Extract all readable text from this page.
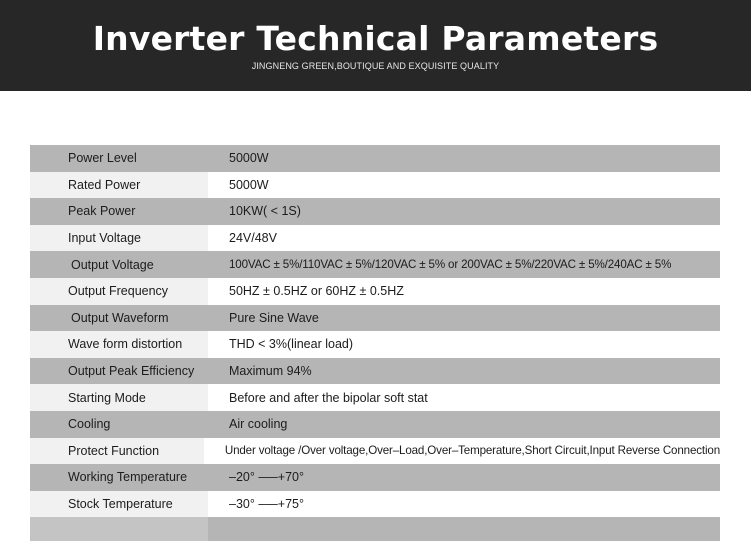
Inverter Technical Parameters
JINGNENG GREEN,BOUTIQUE AND EXQUISITE QUALITY
Power Level	5000W
Rated Power	5000W
Peak Power	10KW( < 1S)
Input Voltage	24V/48V
Output Voltage	100VAC ± 5%/110VAC ± 5%/120VAC ± 5% or 200VAC ± 5%/220VAC ± 5%/240AC ± 5%
Output Frequency	50HZ ± 0.5HZ or 60HZ ± 0.5HZ
Output Waveform	Pure Sine Wave
Wave form distortion	THD < 3%(linear load)
Output Peak Efficiency	Maximum 94%
Starting Mode	Before and after the bipolar soft stat
Cooling	Air cooling
Protect Function	Under voltage /Over voltage,Over–Load,Over–Temperature,Short Circuit,Input Reverse Connection
Working Temperature	–20° –—+70°
Stock Temperature	–30° –—+75°
